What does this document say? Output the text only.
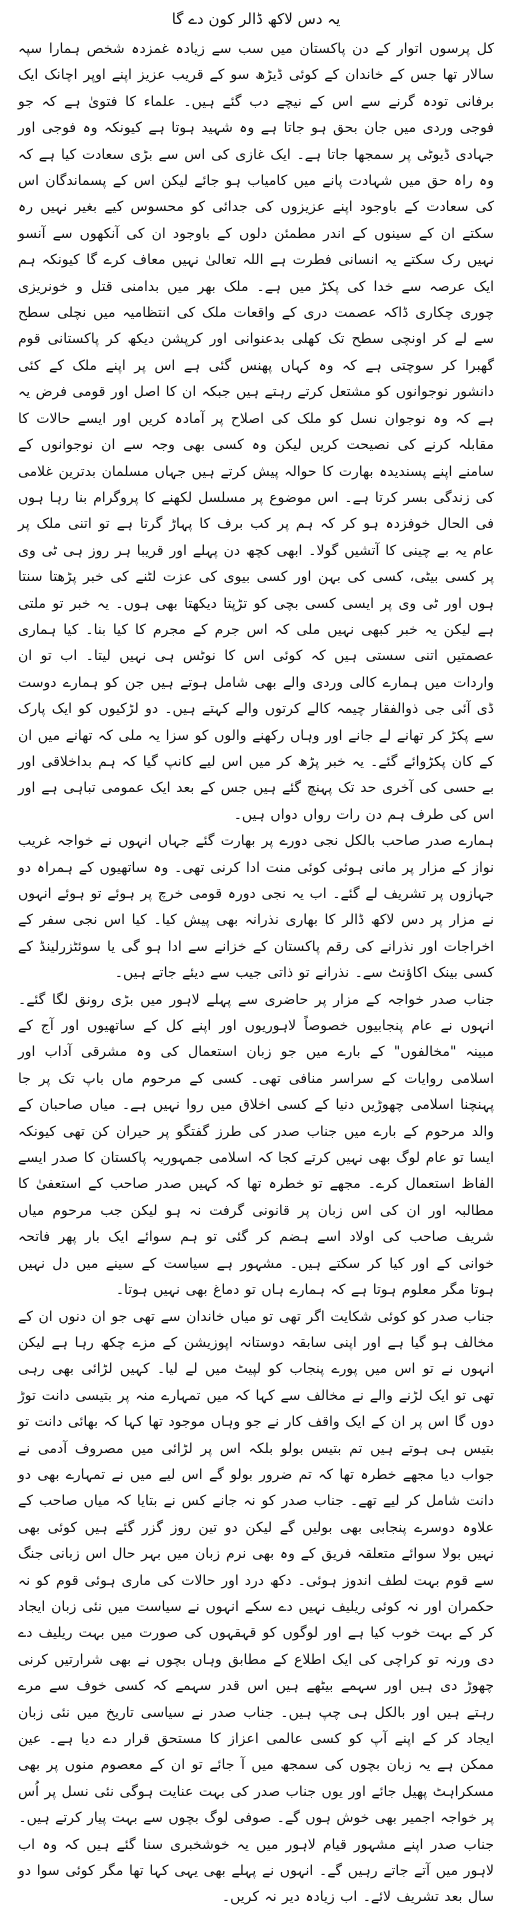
یہ دس لاکھ ڈالر کون دے گا

کل پرسوں اتوار کے دن پاکستان میں سب سے زیادہ غمزدہ شخص ہمارا سپہ سالار تھا جس کے خاندان کے کوئی ڈیڑھ سو کے قریب عزیز اپنے اوپر اچانک ایک برفانی تودہ گرنے سے اس کے نیچے دب گئے ہیں۔ علماء کا فتویٰ ہے کہ جو فوجی وردی میں جان بحق ہو جاتا ہے وہ شہید ہوتا ہے کیونکہ وہ فوجی اور جہادی ڈیوٹی پر سمجھا جاتا ہے۔ ایک غازی کی اس سے بڑی سعادت کیا ہے کہ وہ راہ حق میں شہادت پانے میں کامیاب ہو جائے لیکن اس کے پسماندگان اس کی سعادت کے باوجود اپنے عزیزوں کی جدائی کو محسوس کیے بغیر نہیں رہ سکتے ان کے سینوں کے اندر مطمئن دلوں کے باوجود ان کی آنکھوں سے آنسو نہیں رک سکتے یہ انسانی فطرت ہے اللہ تعالیٰ نہیں معاف کرے گا کیونکہ ہم ایک عرصہ سے خدا کی پکڑ میں ہے۔ ملک بھر میں بدامنی قتل و خونریزی چوری چکاری ڈاکہ عصمت دری کے واقعات ملک کی انتظامیہ میں نچلی سطح سے لے کر اونچی سطح تک کھلی بدعنوانی اور کرپشن دیکھ کر پاکستانی قوم گھبرا کر سوچتی ہے کہ وہ کہاں پھنس گئی ہے اس پر اپنے ملک کے کئی دانشور نوجوانوں کو مشتعل کرتے رہتے ہیں جبکہ ان کا اصل اور قومی فرض یہ ہے کہ وہ نوجوان نسل کو ملک کی اصلاح پر آمادہ کریں اور ایسے حالات کا مقابلہ کرنے کی نصیحت کریں لیکن وہ کسی بھی وجہ سے ان نوجوانوں کے سامنے اپنے پسندیدہ بھارت کا حوالہ پیش کرتے ہیں جہاں مسلمان بدترین غلامی کی زندگی بسر کرتا ہے۔ اس موضوع پر مسلسل لکھنے کا پروگرام بنا رہا ہوں فی الحال خوفزدہ ہو کر کہ ہم پر کب برف کا پہاڑ گرتا ہے تو اتنی ملک پر عام یہ بے چینی کا آتشیں گولا۔ ابھی کچھ دن پہلے اور قریبا ہر روز ہی ٹی وی پر کسی بیٹی، کسی کی بہن اور کسی بیوی کی عزت لٹنے کی خبر پڑھتا سنتا ہوں اور ٹی وی پر ایسی کسی بچی کو تڑپتا دیکھتا بھی ہوں۔ یہ خبر تو ملتی ہے لیکن یہ خبر کبھی نہیں ملی کہ اس جرم کے مجرم کا کیا بنا۔ کیا ہماری عصمتیں اتنی سستی ہیں کہ کوئی اس کا نوٹس ہی نہیں لیتا۔ اب تو ان واردات میں ہمارے کالی وردی والے بھی شامل ہوتے ہیں جن کو ہمارے دوست ڈی آئی جی ذوالفقار چیمہ کالے کرتوں والے کہتے ہیں۔ دو لڑکیوں کو ایک پارک سے پکڑ کر تھانے لے جانے اور وہاں رکھنے والوں کو سزا یہ ملی کہ تھانے میں ان کے کان پکڑوائے گئے۔ یہ خبر پڑھ کر میں اس لیے کانپ گیا کہ ہم بداخلاقی اور بے حسی کی آخری حد تک پہنچ گئے ہیں جس کے بعد ایک عمومی تباہی ہے اور اس کی طرف ہم دن رات رواں دواں ہیں۔

ہمارے صدر صاحب بالکل نجی دورے پر بھارت گئے جہاں انہوں نے خواجہ غریب نواز کے مزار پر مانی ہوئی کوئی منت ادا کرنی تھی۔ وہ ساتھیوں کے ہمراہ دو جہازوں پر تشریف لے گئے۔ اب یہ نجی دورہ قومی خرچ پر ہوئے تو ہوئے انہوں نے مزار پر دس لاکھ ڈالر کا بھاری نذرانہ بھی پیش کیا۔ کیا اس نجی سفر کے اخراجات اور نذرانے کی رقم پاکستان کے خزانے سے ادا ہو گی یا سوئٹزرلینڈ کے کسی بینک اکاؤنٹ سے۔ نذرانے تو ذاتی جیب سے دیئے جاتے ہیں۔

جناب صدر خواجہ کے مزار پر حاضری سے پہلے لاہور میں بڑی رونق لگا گئے۔ انہوں نے عام پنجابیوں خصوصاً لاہوریوں اور اپنے کل کے ساتھیوں اور آج کے مبینہ "مخالفوں" کے بارے میں جو زبان استعمال کی وہ مشرقی آداب اور اسلامی روایات کے سراسر منافی تھی۔ کسی کے مرحوم ماں باپ تک پر جا پہنچنا اسلامی چھوڑیں دنیا کے کسی اخلاق میں روا نہیں ہے۔ میاں صاحبان کے والد مرحوم کے بارے میں جناب صدر کی طرز گفتگو پر حیران کن تھی کیونکہ ایسا تو عام لوگ بھی نہیں کرتے کجا کہ اسلامی جمہوریہ پاکستان کا صدر ایسے الفاظ استعمال کرے۔ مجھے تو خطرہ تھا کہ کہیں صدر صاحب کے استعفیٰ کا مطالبہ اور ان کی اس زبان پر قانونی گرفت نہ ہو لیکن جب مرحوم میاں شریف صاحب کی اولاد اسے ہضم کر گئی تو ہم سوائے ایک بار پھر فاتحہ خوانی کے اور کیا کر سکتے ہیں۔ مشہور ہے سیاست کے سینے میں دل نہیں ہوتا مگر معلوم ہوتا ہے کہ ہمارے ہاں تو دماغ بھی نہیں ہوتا۔

جناب صدر کو کوئی شکایت اگر تھی تو میاں خاندان سے تھی جو ان دنوں ان کے مخالف ہو گیا ہے اور اپنی سابقہ دوستانہ اپوزیشن کے مزے چکھ رہا ہے لیکن انہوں نے تو اس میں پورے پنجاب کو لپیٹ میں لے لیا۔ کہیں لڑائی بھی رہی تھی تو ایک لڑنے والے نے مخالف سے کہا کہ میں تمہارے منہ پر بتیسی دانت توڑ دوں گا اس پر ان کے ایک واقف کار نے جو وہاں موجود تھا کہا کہ بھائی دانت تو بتیس ہی ہوتے ہیں تم بتیس بولو بلکہ اس پر لڑائی میں مصروف آدمی نے جواب دیا مجھے خطرہ تھا کہ تم ضرور بولو گے اس لیے میں نے تمہارے بھی دو دانت شامل کر لیے تھے۔ جناب صدر کو نہ جانے کس نے بتایا کہ میاں صاحب کے علاوہ دوسرے پنجابی بھی بولیں گے لیکن دو تین روز گزر گئے ہیں کوئی بھی نہیں بولا سوائے متعلقہ فریق کے وہ بھی نرم زبان میں بہر حال اس زبانی جنگ سے قوم بہت لطف اندوز ہوئی۔ دکھ درد اور حالات کی ماری ہوئی قوم کو نہ حکمران اور نہ کوئی ریلیف نہیں دے سکے انہوں نے سیاست میں نئی زبان ایجاد کر کے بہت خوب کیا ہے اور لوگوں کو قہقہوں کی صورت میں بہت ریلیف دے دی ورنہ تو کراچی کی ایک اطلاع کے مطابق وہاں بچوں نے بھی شرارتیں کرنی چھوڑ دی ہیں اور سہمے بیٹھے ہیں اس قدر سہمے کہ کسی خوف سے مرے رہتے ہیں اور بالکل ہی چپ ہیں۔ جناب صدر نے سیاسی تاریخ میں نئی زبان ایجاد کر کے اپنے آپ کو کسی عالمی اعزاز کا مستحق قرار دے دیا ہے۔ عین ممکن ہے یہ زبان بچوں کی سمجھ میں آ جائے تو ان کے معصوم منوں پر بھی مسکراہٹ پھیل جائے اور یوں جناب صدر کی بہت عنایت ہوگی نئی نسل پر اُس پر خواجہ اجمیر بھی خوش ہوں گے۔ صوفی لوگ بچوں سے بہت پیار کرتے ہیں۔

جناب صدر اپنے مشہور قیام لاہور میں یہ خوشخبری سنا گئے ہیں کہ وہ اب لاہور میں آتے جاتے رہیں گے۔ انہوں نے پہلے بھی یہی کہا تھا مگر کوئی سوا دو سال بعد تشریف لائے۔ اب زیادہ دیر نہ کریں۔
